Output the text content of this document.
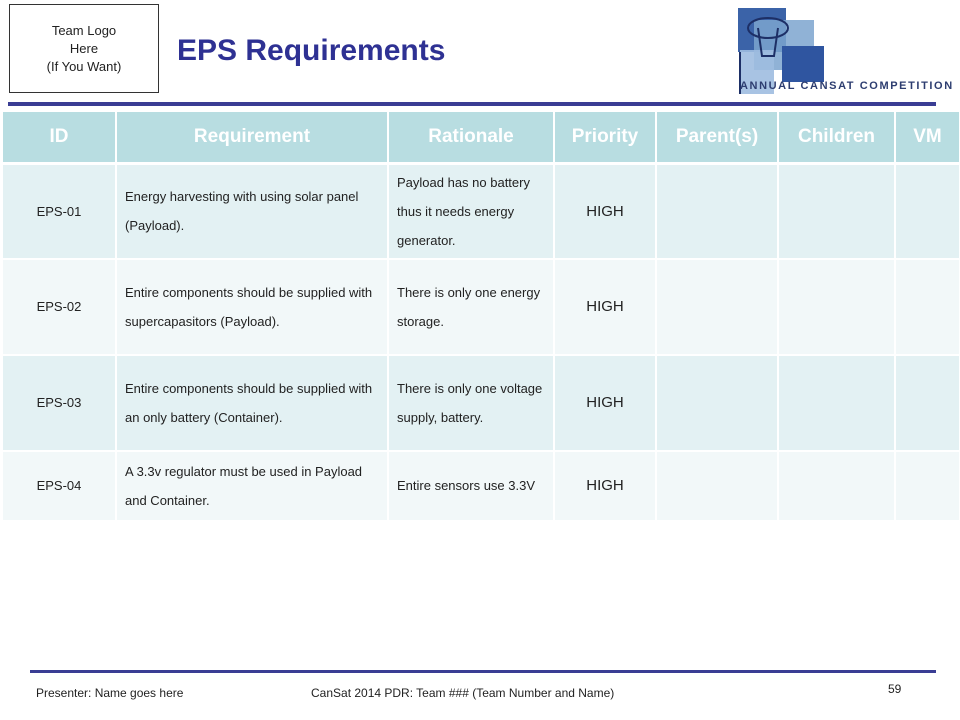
Team Logo
Here
(If You Want) EPS Requirements
ANNUAL CANSAT COMPETITION
ID	Requirement	Rationale	Priority	Parent(s)	Children	VM
EPS-01	Energy harvesting with using solar panel (Payload).	Payload has no battery thus it needs energy generator.	HIGH			
EPS-02	Entire components should be supplied with supercapasitors (Payload).	There is only one energy storage.	HIGH			
EPS-03	Entire components should be supplied with an only battery (Container).	There is only one voltage supply, battery.	HIGH			
EPS-04	A 3.3v regulator must be used in Payload and Container.	Entire sensors use 3.3V	HIGH			
Presenter: Name goes here	CanSat 2014 PDR: Team ### (Team Number and Name)	59
